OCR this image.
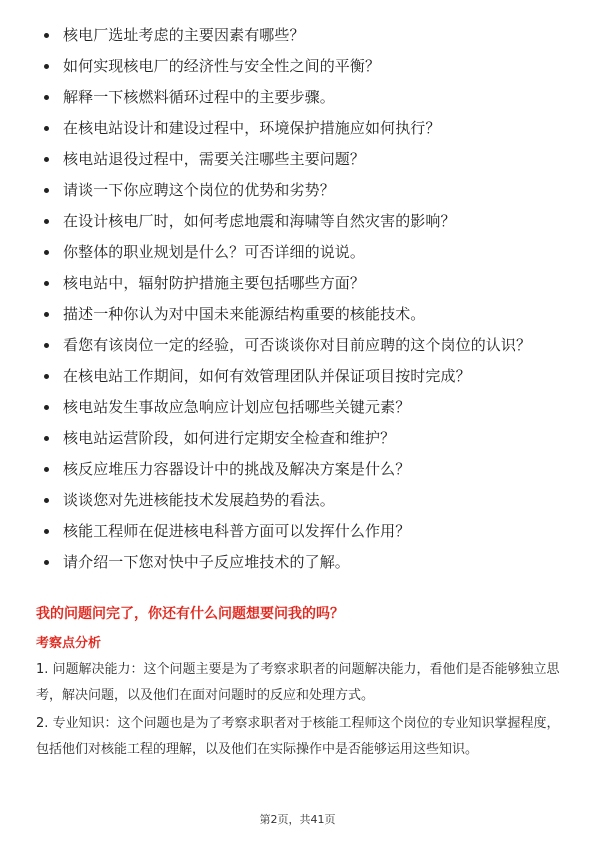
核电厂选址考虑的主要因素有哪些？
如何实现核电厂的经济性与安全性之间的平衡？
解释一下核燃料循环过程中的主要步骤。
在核电站设计和建设过程中，环境保护措施应如何执行？
核电站退役过程中，需要关注哪些主要问题？
请谈一下你应聘这个岗位的优势和劣势？
在设计核电厂时，如何考虑地震和海啸等自然灾害的影响？
你整体的职业规划是什么？可否详细的说说。
核电站中，辐射防护措施主要包括哪些方面？
描述一种你认为对中国未来能源结构重要的核能技术。
看您有该岗位一定的经验，可否谈谈你对目前应聘的这个岗位的认识？
在核电站工作期间，如何有效管理团队并保证项目按时完成？
核电站发生事故应急响应计划应包括哪些关键元素？
核电站运营阶段，如何进行定期安全检查和维护？
核反应堆压力容器设计中的挑战及解决方案是什么？
谈谈您对先进核能技术发展趋势的看法。
核能工程师在促进核电科普方面可以发挥什么作用？
请介绍一下您对快中子反应堆技术的了解。
我的问题问完了，你还有什么问题想要问我的吗？
考察点分析

1. 问题解决能力：这个问题主要是为了考察求职者的问题解决能力，看他们是否能够独立思考，解决问题，以及他们在面对问题时的反应和处理方式。

2. 专业知识：这个问题也是为了考察求职者对于核能工程师这个岗位的专业知识掌握程度，包括他们对核能工程的理解，以及他们在实际操作中是否能够运用这些知识。

第2页，共41页
